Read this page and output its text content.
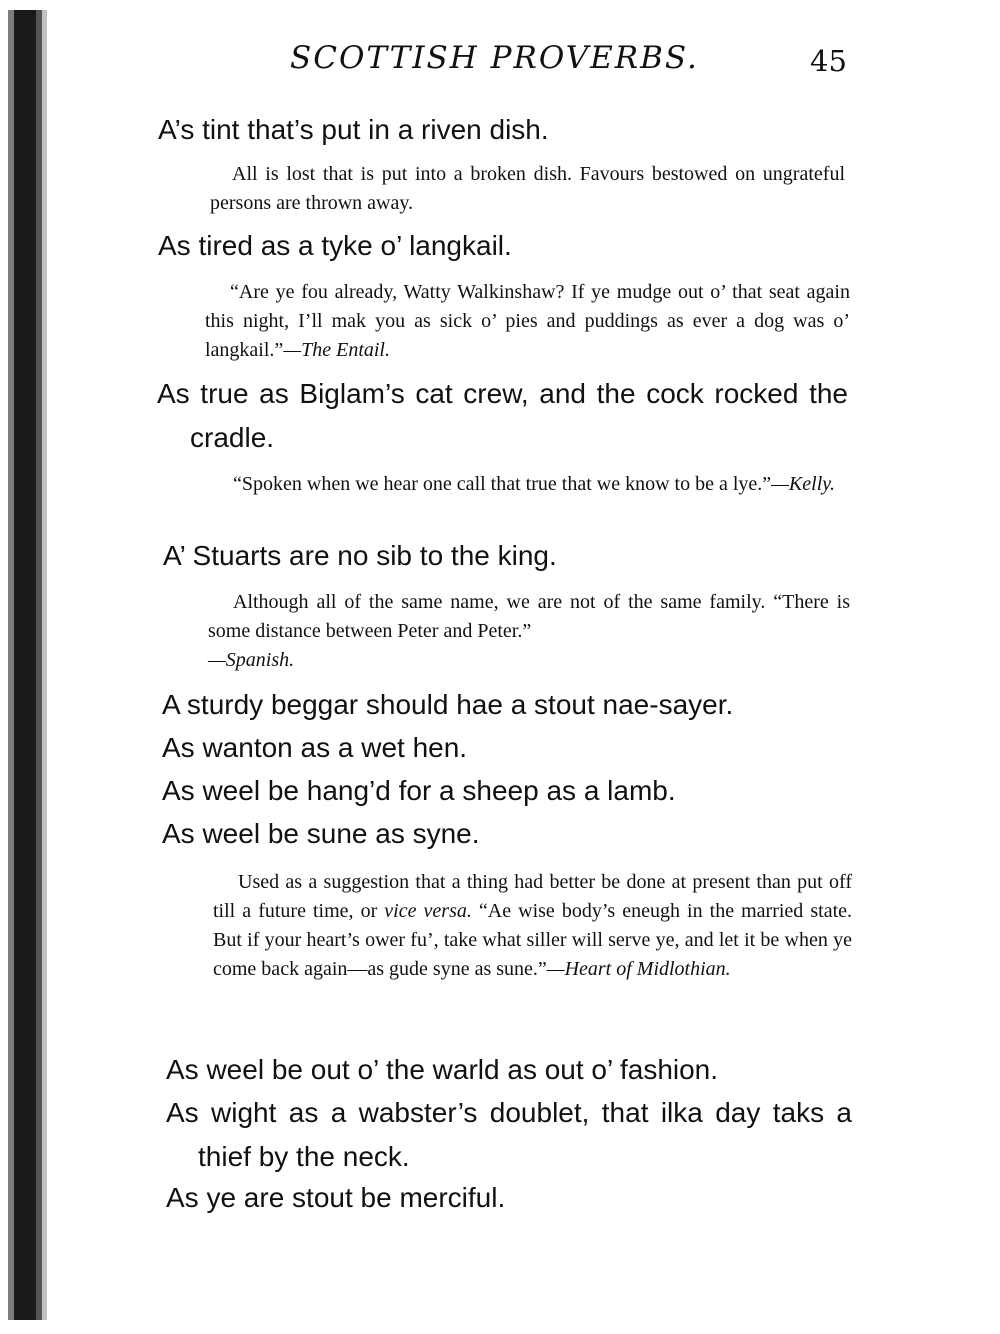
SCOTTISH PROVERBS.	45
A’s tint that’s put in a riven dish.
All is lost that is put into a broken dish. Favours bestowed on ungrateful persons are thrown away.
As tired as a tyke o’ langkail.
“Are ye fou already, Watty Walkinshaw? If ye mudge out o’ that seat again this night, I’ll mak you as sick o’ pies and puddings as ever a dog was o’ langkail.”—The Entail.
As true as Biglam’s cat crew, and the cock rocked the cradle.
“Spoken when we hear one call that true that we know to be a lye.”—Kelly.
A’ Stuarts are no sib to the king.
Although all of the same name, we are not of the same family. “There is some distance between Peter and Peter.”
—Spanish.
A sturdy beggar should hae a stout nae-sayer.
As wanton as a wet hen.
As weel be hang’d for a sheep as a lamb.
As weel be sune as syne.
Used as a suggestion that a thing had better be done at present than put off till a future time, or vice versa. “Ae wise body’s eneugh in the married state. But if your heart’s ower fu’, take what siller will serve ye, and let it be when ye come back again—as gude syne as sune.”—Heart of Midlothian.
As weel be out o’ the warld as out o’ fashion.
As wight as a wabster’s doublet, that ilka day taks a thief by the neck.
As ye are stout be merciful.
